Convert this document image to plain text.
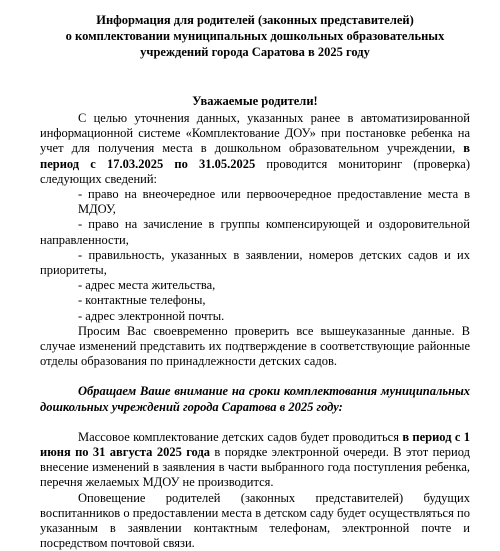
Информация для родителей (законных представителей)
о комплектовании муниципальных дошкольных образовательных
учреждений города Саратова в 2025 году
Уважаемые родители!

С целью уточнения данных, указанных ранее в автоматизированной информационной системе «Комплектование ДОУ» при постановке ребенка на учет для получения места в дошкольном образовательном учреждении, в период с 17.03.2025 по 31.05.2025 проводится мониторинг (проверка) следующих сведений:

- право на внеочередное или первоочередное предоставление места в МДОУ,

- право на зачисление в группы компенсирующей и оздоровительной направленности,

- правильность, указанных в заявлении, номеров детских садов и их приоритеты,

- адрес места жительства,

- контактные телефоны,

- адрес электронной почты.

Просим Вас своевременно проверить все вышеуказанные данные. В случае изменений представить их подтверждение в соответствующие районные отделы образования по принадлежности детских садов.

Обращаем Ваше внимание на сроки комплектования муниципальных дошкольных учреждений города Саратова в 2025 году:

Массовое комплектование детских садов будет проводиться в период с 1 июня по 31 августа 2025 года в порядке электронной очереди. В этот период внесение изменений в заявления в части выбранного года поступления ребенка, перечня желаемых МДОУ не производится.

Оповещение родителей (законных представителей) будущих воспитанников о предоставлении места в детском саду будет осуществляться по указанным в заявлении контактным телефонам, электронной почте и посредством почтовой связи.
